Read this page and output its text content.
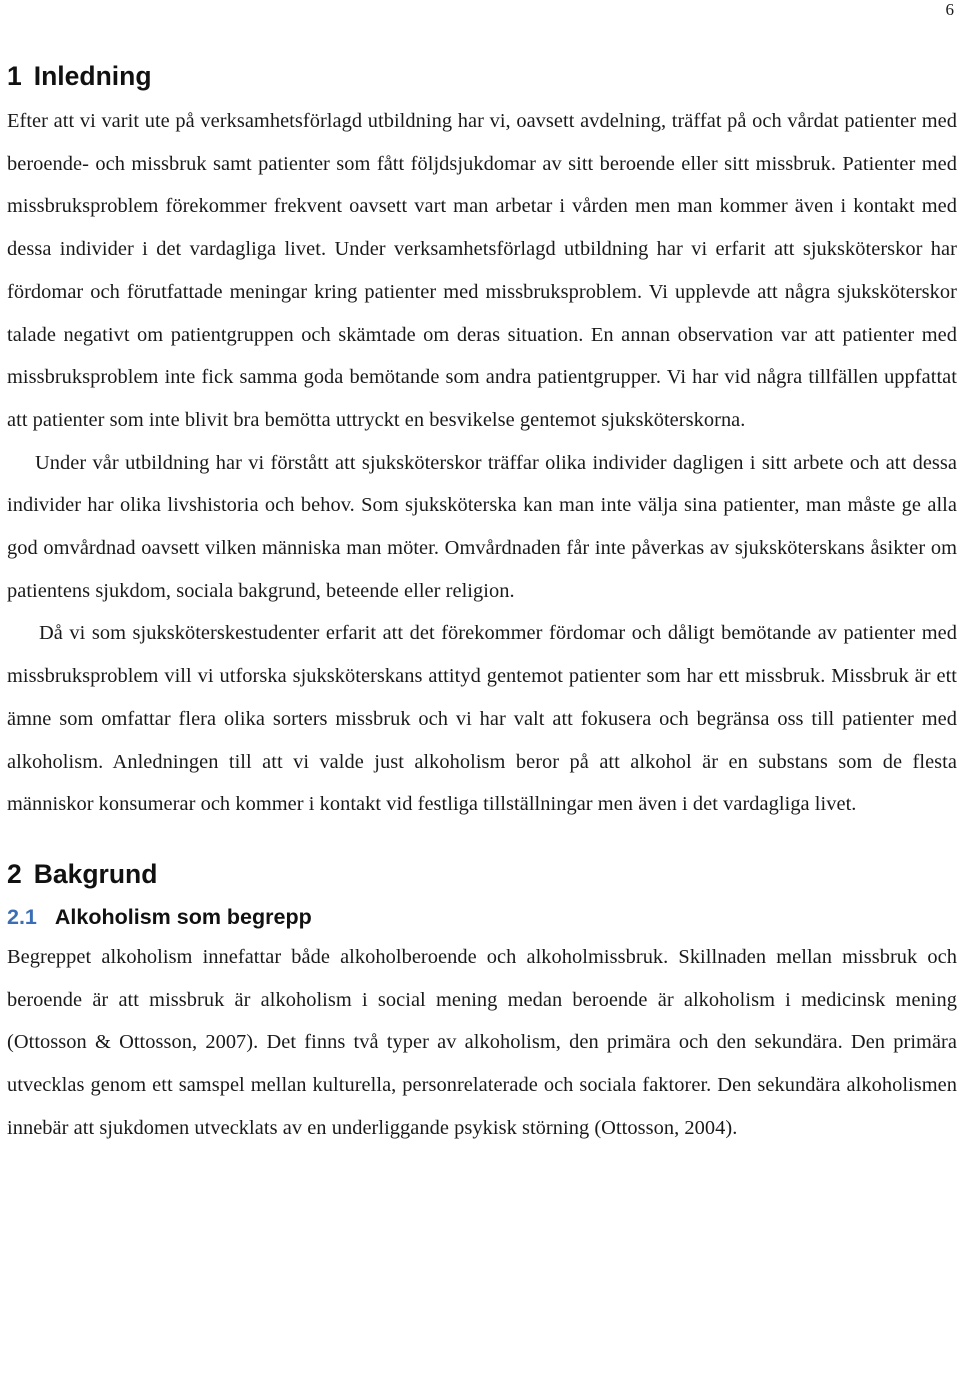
6
1 Inledning

Efter att vi varit ute på verksamhetsförlagd utbildning har vi, oavsett avdelning, träffat på och vårdat patienter med beroende- och missbruk samt patienter som fått följdsjukdomar av sitt beroende eller sitt missbruk. Patienter med missbruksproblem förekommer frekvent oavsett vart man arbetar i vården men man kommer även i kontakt med dessa individer i det vardagliga livet. Under verksamhetsförlagd utbildning har vi erfarit att sjuksköterskor har fördomar och förutfattade meningar kring patienter med missbruksproblem. Vi upplevde att några sjuksköterskor talade negativt om patientgruppen och skämtade om deras situation. En annan observation var att patienter med missbruksproblem inte fick samma goda bemötande som andra patientgrupper. Vi har vid några tillfällen uppfattat att patienter som inte blivit bra bemötta uttryckt en besvikelse gentemot sjuksköterskorna.

Under vår utbildning har vi förstått att sjuksköterskor träffar olika individer dagligen i sitt arbete och att dessa individer har olika livshistoria och behov. Som sjuksköterska kan man inte välja sina patienter, man måste ge alla god omvårdnad oavsett vilken människa man möter. Omvårdnaden får inte påverkas av sjuksköterskans åsikter om patientens sjukdom, sociala bakgrund, beteende eller religion.

Då vi som sjuksköterskestudenter erfarit att det förekommer fördomar och dåligt bemötande av patienter med missbruksproblem vill vi utforska sjuksköterskans attityd gentemot patienter som har ett missbruk. Missbruk är ett ämne som omfattar flera olika sorters missbruk och vi har valt att fokusera och begränsa oss till patienter med alkoholism. Anledningen till att vi valde just alkoholism beror på att alkohol är en substans som de flesta människor konsumerar och kommer i kontakt vid festliga tillställningar men även i det vardagliga livet.

2 Bakgrund
2.1 Alkoholism som begrepp

Begreppet alkoholism innefattar både alkoholberoende och alkoholmissbruk. Skillnaden mellan missbruk och beroende är att missbruk är alkoholism i social mening medan beroende är alkoholism i medicinsk mening (Ottosson & Ottosson, 2007). Det finns två typer av alkoholism, den primära och den sekundära. Den primära utvecklas genom ett samspel mellan kulturella, personrelaterade och sociala faktorer. Den sekundära alkoholismen innebär att sjukdomen utvecklats av en underliggande psykisk störning (Ottosson, 2004).
